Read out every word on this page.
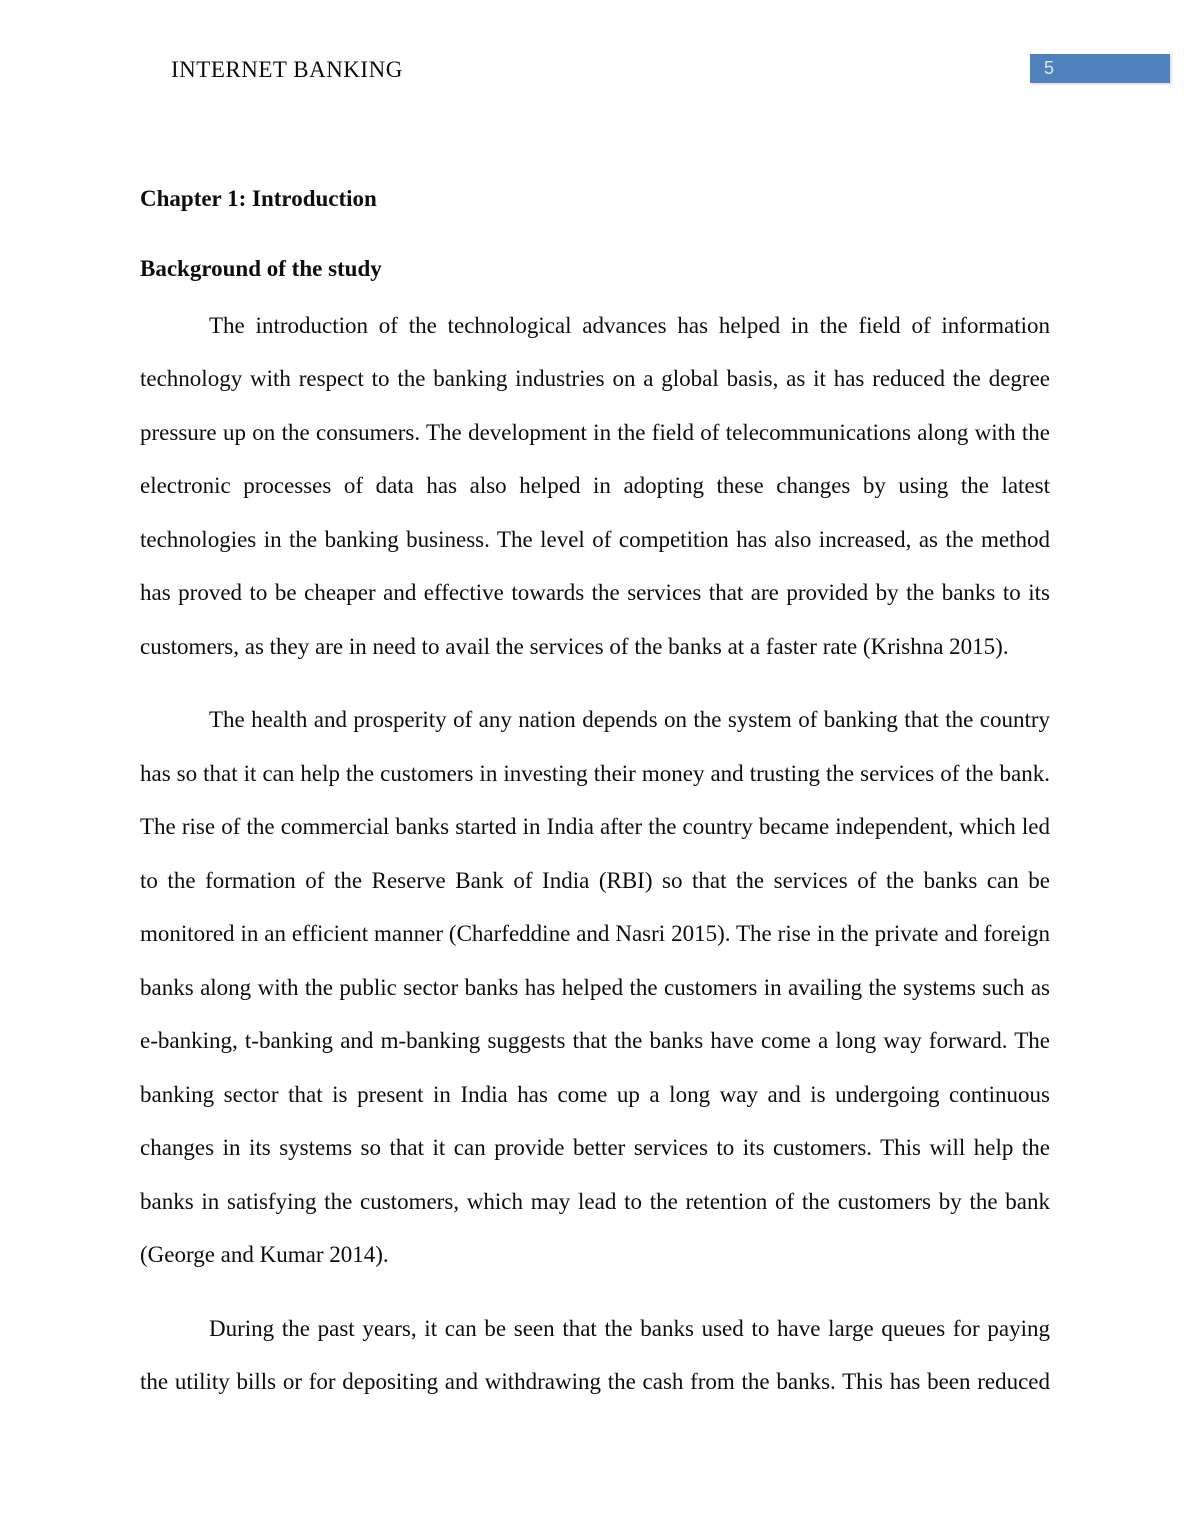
INTERNET BANKING	5
Chapter 1: Introduction
Background of the study

The introduction of the technological advances has helped in the field of information technology with respect to the banking industries on a global basis, as it has reduced the degree pressure up on the consumers. The development in the field of telecommunications along with the electronic processes of data has also helped in adopting these changes by using the latest technologies in the banking business. The level of competition has also increased, as the method has proved to be cheaper and effective towards the services that are provided by the banks to its customers, as they are in need to avail the services of the banks at a faster rate (Krishna 2015).

The health and prosperity of any nation depends on the system of banking that the country has so that it can help the customers in investing their money and trusting the services of the bank. The rise of the commercial banks started in India after the country became independent, which led to the formation of the Reserve Bank of India (RBI) so that the services of the banks can be monitored in an efficient manner (Charfeddine and Nasri 2015). The rise in the private and foreign banks along with the public sector banks has helped the customers in availing the systems such as e-banking, t-banking and m-banking suggests that the banks have come a long way forward. The banking sector that is present in India has come up a long way and is undergoing continuous changes in its systems so that it can provide better services to its customers. This will help the banks in satisfying the customers, which may lead to the retention of the customers by the bank (George and Kumar 2014).

During the past years, it can be seen that the banks used to have large queues for paying the utility bills or for depositing and withdrawing the cash from the banks. This has been reduced
